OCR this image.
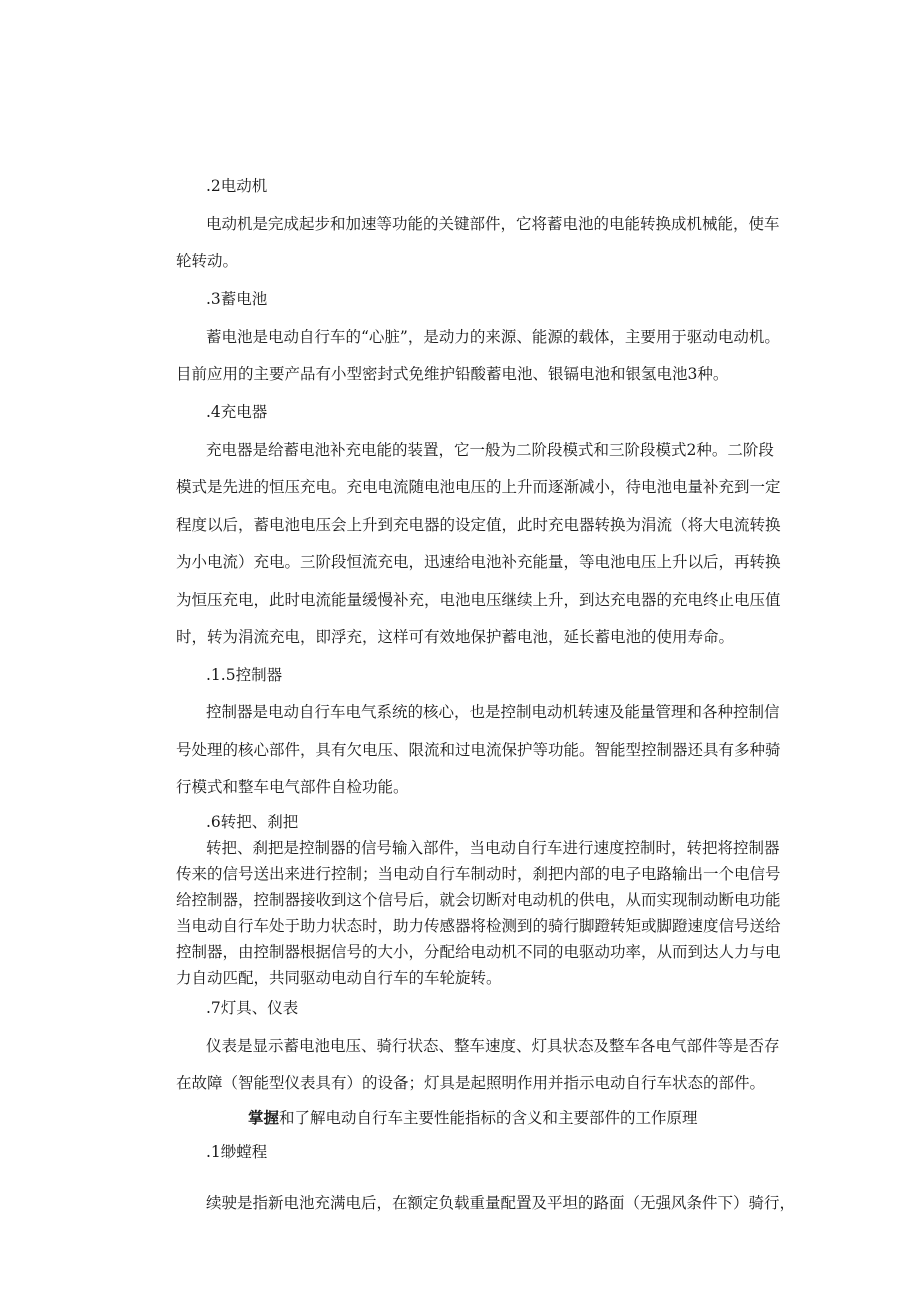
.2电动机
电动机是完成起步和加速等功能的关键部件，它将蓄电池的电能转换成机械能，使车
轮转动。
.3蓄电池
蓄电池是电动自行车的“心脏”，是动力的来源、能源的载体，主要用于驱动电动机。
目前应用的主要产品有小型密封式免维护铅酸蓄电池、银镉电池和银氢电池3种。
.4充电器
充电器是给蓄电池补充电能的装置，它一般为二阶段模式和三阶段模式2种。二阶段
模式是先进的恒压充电。充电电流随电池电压的上升而逐渐减小，待电池电量补充到一定
程度以后，蓄电池电压会上升到充电器的设定值，此时充电器转换为涓流（将大电流转换
为小电流）充电。三阶段恒流充电，迅速给电池补充能量，等电池电压上升以后，再转换
为恒压充电，此时电流能量缓慢补充，电池电压继续上升，到达充电器的充电终止电压值
时，转为涓流充电，即浮充，这样可有效地保护蓄电池，延长蓄电池的使用寿命。
.1.5控制器
控制器是电动自行车电气系统的核心，也是控制电动机转速及能量管理和各种控制信
号处理的核心部件，具有欠电压、限流和过电流保护等功能。智能型控制器还具有多种骑
行模式和整车电气部件自检功能。
.6转把、刹把
转把、刹把是控制器的信号输入部件，当电动自行车进行速度控制时，转把将控制器
传来的信号送出来进行控制；当电动自行车制动时，刹把内部的电子电路输出一个电信号
给控制器，控制器接收到这个信号后，就会切断对电动机的供电，从而实现制动断电功能
当电动自行车处于助力状态时，助力传感器将检测到的骑行脚蹬转矩或脚蹬速度信号送给
控制器，由控制器根据信号的大小，分配给电动机不同的电驱动功率，从而到达人力与电
力自动匹配，共同驱动电动自行车的车轮旋转。
.7灯具、仪表
仪表是显示蓄电池电压、骑行状态、整车速度、灯具状态及整车各电气部件等是否存
在故障（智能型仪表具有）的设备；灯具是起照明作用并指示电动自行车状态的部件。
掌握和了解电动自行车主要性能指标的含义和主要部件的工作原理
.1缈螳程
续驶是指新电池充满电后，在额定负载重量配置及平坦的路面（无强风条件下）骑行，
